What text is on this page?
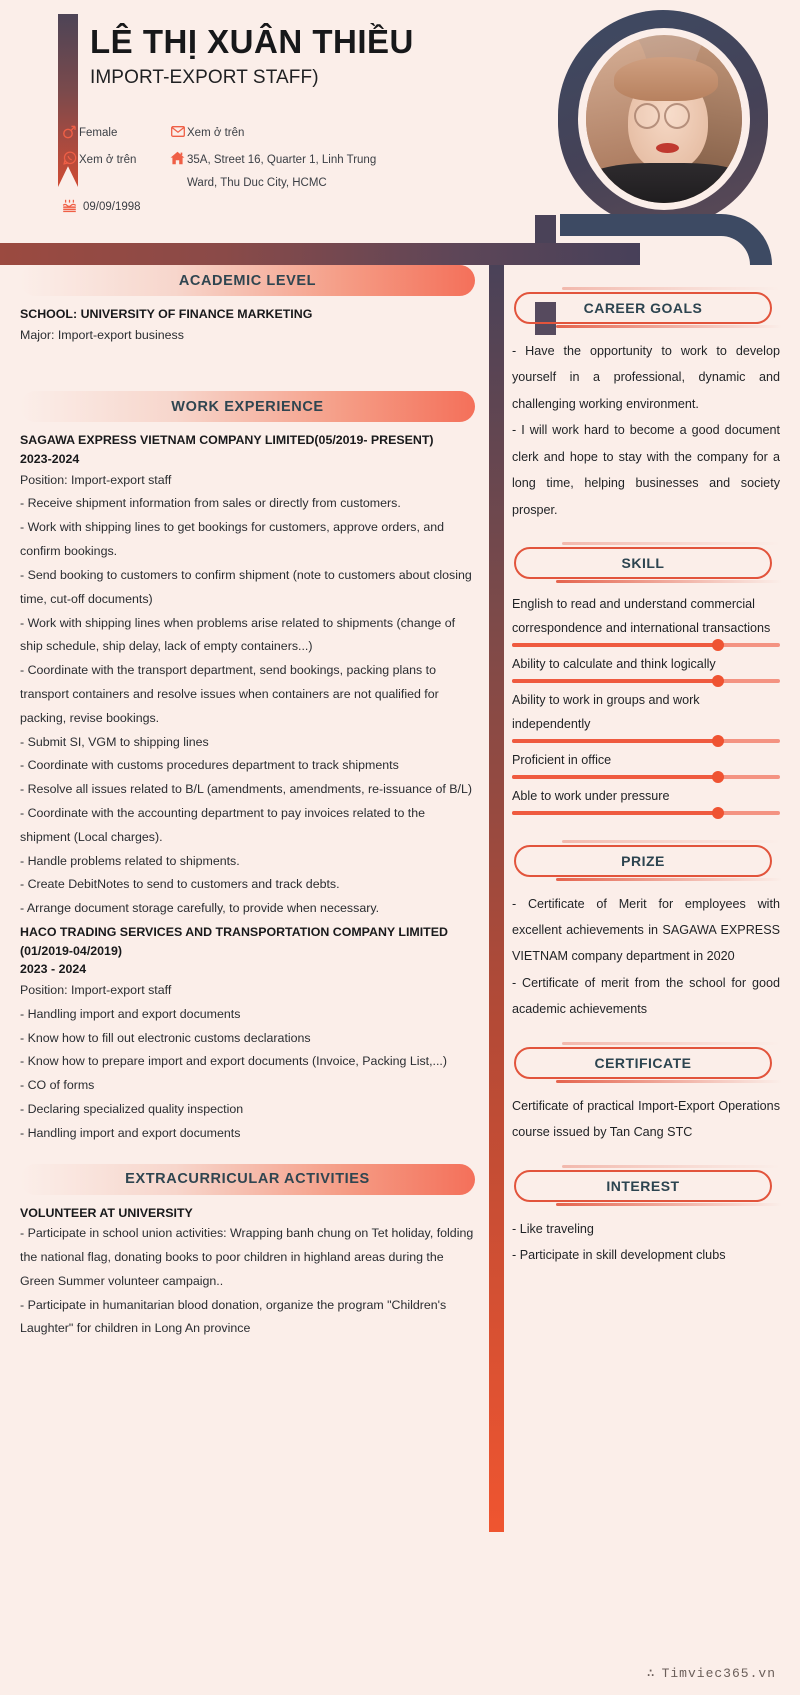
LÊ THỊ XUÂN THIỀU
IMPORT-EXPORT STAFF)
Female	Xem ở trên
Xem ở trên	35A, Street 16, Quarter 1, Linh Trung
Ward, Thu Duc City, HCMC
09/09/1998
ACADEMIC LEVEL
SCHOOL: UNIVERSITY OF FINANCE MARKETING
Major: Import-export business
WORK EXPERIENCE
SAGAWA EXPRESS VIETNAM COMPANY LIMITED(05/2019- PRESENT)
2023-2024
Position: Import-export staff
- Receive shipment information from sales or directly from customers.
- Work with shipping lines to get bookings for customers, approve orders, and confirm bookings.
- Send booking to customers to confirm shipment (note to customers about closing time, cut-off documents)
- Work with shipping lines when problems arise related to shipments (change of ship schedule, ship delay, lack of empty containers...)
- Coordinate with the transport department, send bookings, packing plans to transport containers and resolve issues when containers are not qualified for packing, revise bookings.
- Submit SI, VGM to shipping lines
- Coordinate with customs procedures department to track shipments
- Resolve all issues related to B/L (amendments, amendments, re-issuance of B/L)
- Coordinate with the accounting department to pay invoices related to the shipment (Local charges).
- Handle problems related to shipments.
- Create DebitNotes to send to customers and track debts.
- Arrange document storage carefully, to provide when necessary.
HACO TRADING SERVICES AND TRANSPORTATION COMPANY LIMITED (01/2019-04/2019)
2023 - 2024
Position: Import-export staff
- Handling import and export documents
- Know how to fill out electronic customs declarations
- Know how to prepare import and export documents (Invoice, Packing List,...)
- CO of forms
- Declaring specialized quality inspection
- Handling import and export documents
EXTRACURRICULAR ACTIVITIES
VOLUNTEER AT UNIVERSITY
- Participate in school union activities: Wrapping banh chung on Tet holiday, folding the national flag, donating books to poor children in highland areas during the Green Summer volunteer campaign..
- Participate in humanitarian blood donation, organize the program "Children's Laughter" for children in Long An province
CAREER GOALS
- Have the opportunity to work to develop yourself in a professional, dynamic and challenging working environment.
- I will work hard to become a good document clerk and hope to stay with the company for a long time, helping businesses and society prosper.
SKILL
English to read and understand commercial correspondence and international transactions
Ability to calculate and think logically
Ability to work in groups and work independently
Proficient in office
Able to work under pressure
PRIZE
- Certificate of Merit for employees with excellent achievements in SAGAWA EXPRESS VIETNAM company department in 2020
- Certificate of merit from the school for good academic achievements
CERTIFICATE
Certificate of practical Import-Export Operations course issued by Tan Cang STC
INTEREST
- Like traveling
- Participate in skill development clubs
∴ Timviec365.vn
